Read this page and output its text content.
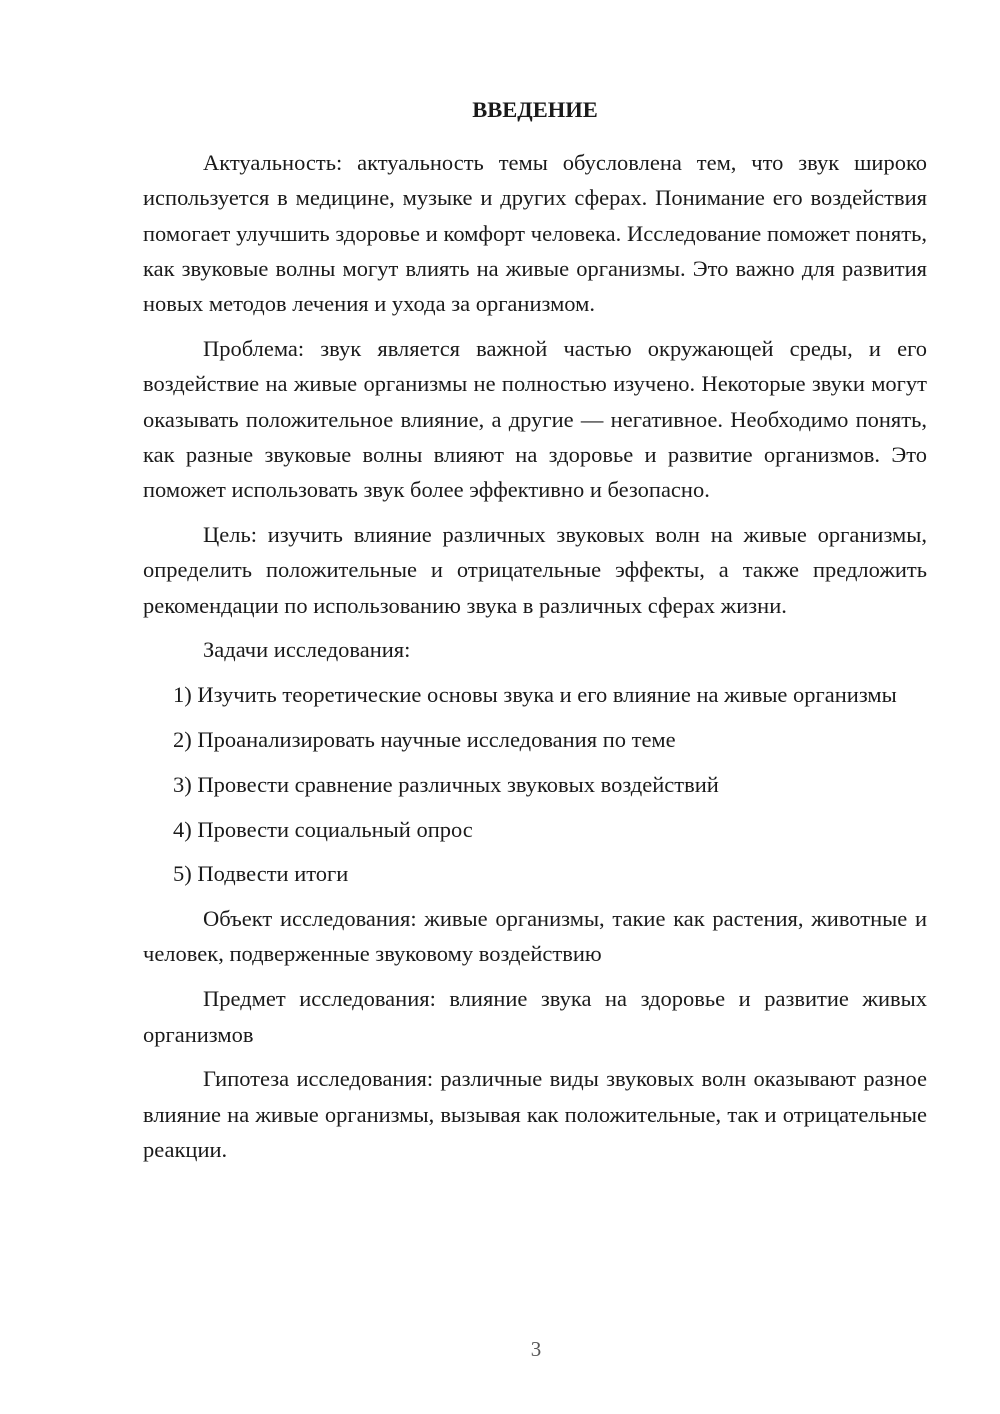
ВВЕДЕНИЕ

Актуальность: актуальность темы обусловлена тем, что звук широко используется в медицине, музыке и других сферах. Понимание его воздействия помогает улучшить здоровье и комфорт человека. Исследование поможет понять, как звуковые волны могут влиять на живые организмы. Это важно для развития новых методов лечения и ухода за организмом.

Проблема: звук является важной частью окружающей среды, и его воздействие на живые организмы не полностью изучено. Некоторые звуки могут оказывать положительное влияние, а другие — негативное. Необходимо понять, как разные звуковые волны влияют на здоровье и развитие организмов. Это поможет использовать звук более эффективно и безопасно.

Цель: изучить влияние различных звуковых волн на живые организмы, определить положительные и отрицательные эффекты, а также предложить рекомендации по использованию звука в различных сферах жизни.

Задачи исследования:

1) Изучить теоретические основы звука и его влияние на живые организмы

2) Проанализировать научные исследования по теме

3) Провести сравнение различных звуковых воздействий

4) Провести социальный опрос

5) Подвести итоги

Объект исследования: живые организмы, такие как растения, животные и человек, подверженные звуковому воздействию

Предмет исследования: влияние звука на здоровье и развитие живых организмов

Гипотеза исследования: различные виды звуковых волн оказывают разное влияние на живые организмы, вызывая как положительные, так и отрицательные реакции.

3
